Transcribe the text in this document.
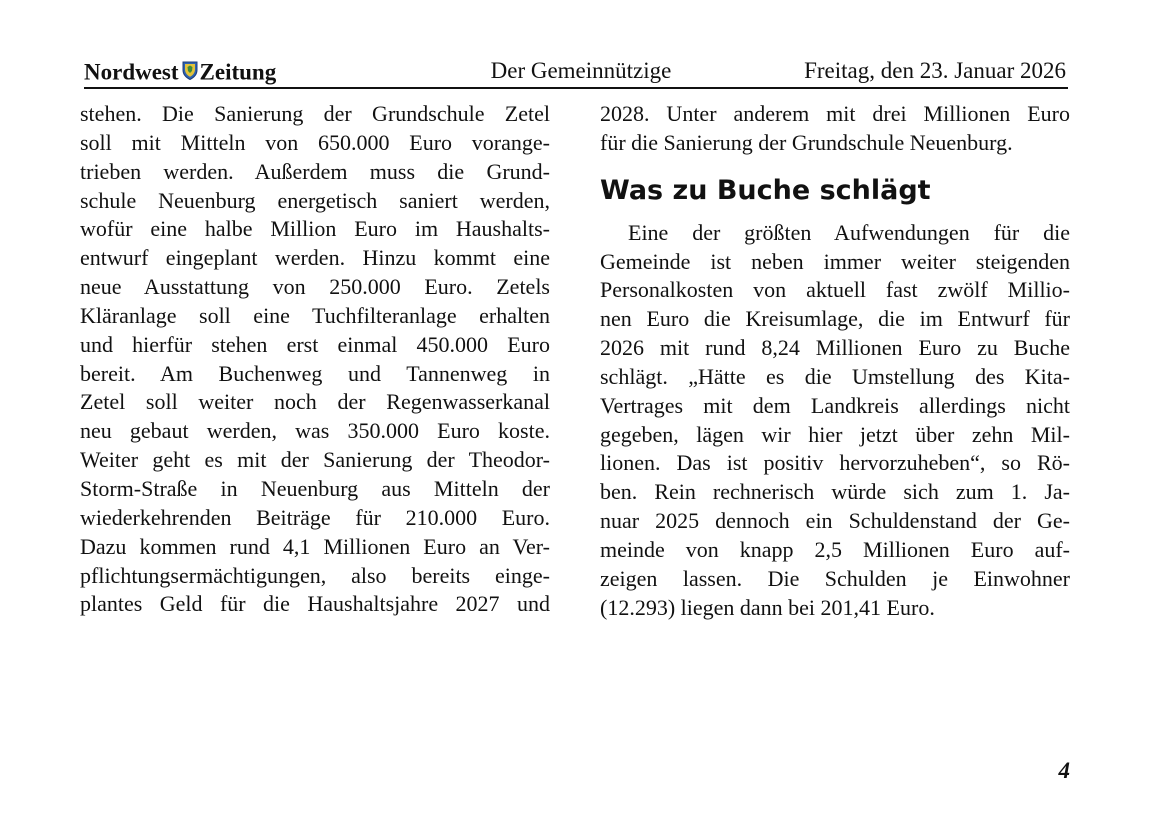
Nordwest Zeitung	Der Gemeinnützige	Freitag, den 23. Januar 2026
stehen. Die Sanierung der Grundschule Zetel
soll mit Mitteln von 650.000 Euro vorange-
trieben werden. Außerdem muss die Grund-
schule Neuenburg energetisch saniert werden,
wofür eine halbe Million Euro im Haushalts-
entwurf eingeplant werden. Hinzu kommt eine
neue Ausstattung von 250.000 Euro. Zetels
Kläranlage soll eine Tuchfilteranlage erhalten
und hierfür stehen erst einmal 450.000 Euro
bereit. Am Buchenweg und Tannenweg in
Zetel soll weiter noch der Regenwasserkanal
neu gebaut werden, was 350.000 Euro koste.
Weiter geht es mit der Sanierung der Theodor-
Storm-Straße in Neuenburg aus Mitteln der
wiederkehrenden Beiträge für 210.000 Euro.
Dazu kommen rund 4,1 Millionen Euro an Ver-
pflichtungsermächtigungen, also bereits einge-
plantes Geld für die Haushaltsjahre 2027 und
2028. Unter anderem mit drei Millionen Euro
für die Sanierung der Grundschule Neuenburg.
Was zu Buche schlägt
Eine der größten Aufwendungen für die
Gemeinde ist neben immer weiter steigenden
Personalkosten von aktuell fast zwölf Millio-
nen Euro die Kreisumlage, die im Entwurf für
2026 mit rund 8,24 Millionen Euro zu Buche
schlägt. „Hätte es die Umstellung des Kita-
Vertrages mit dem Landkreis allerdings nicht
gegeben, lägen wir hier jetzt über zehn Mil-
lionen. Das ist positiv hervorzuheben“, so Rö-
ben. Rein rechnerisch würde sich zum 1. Ja-
nuar 2025 dennoch ein Schuldenstand der Ge-
meinde von knapp 2,5 Millionen Euro auf-
zeigen lassen. Die Schulden je Einwohner
(12.293) liegen dann bei 201,41 Euro.
4
